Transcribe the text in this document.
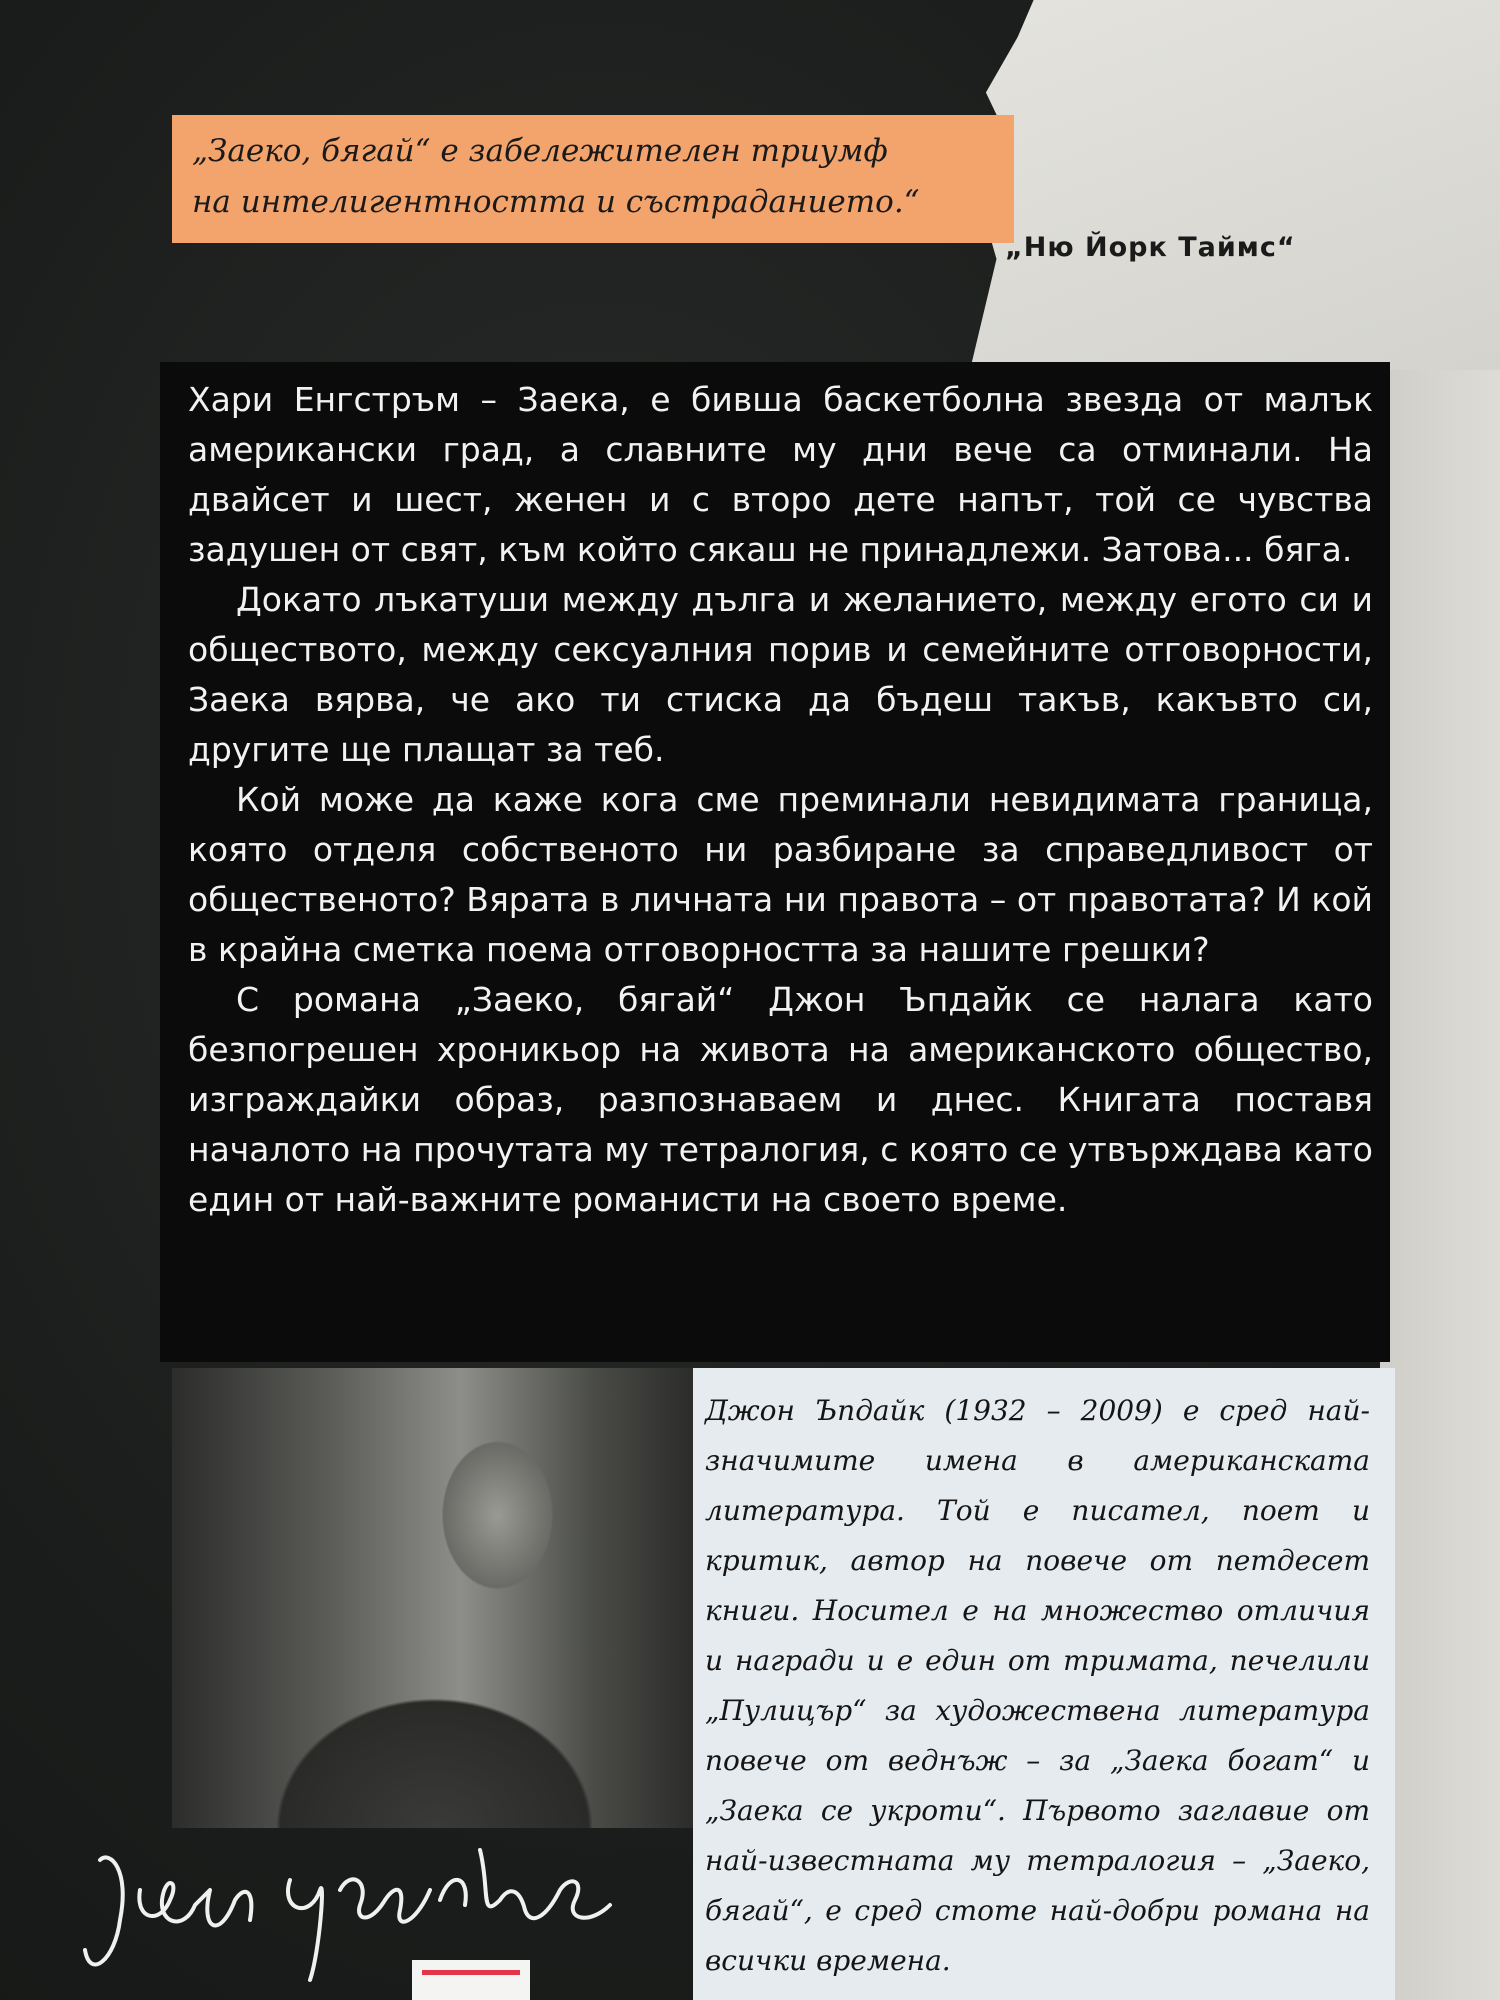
„Заеко, бягай“ е забележителен триумф
на интелигентността и състраданието.“

„Ню Йорк Таймс“

Хари Енгстръм – Заека, е бивша баскетболна звезда от малък американски град, а славните му дни вече са отминали. На двайсет и шест, женен и с второ дете напът, той се чувства задушен от свят, към който сякаш не принадлежи. Затова... бяга.

Докато лъкатуши между дълга и желанието, между егото си и обществото, между сексуалния порив и семейните отговорности, Заека вярва, че ако ти стиска да бъдеш такъв, какъвто си, другите ще плащат за теб.

Кой може да каже кога сме преминали невидимата граница, която отделя собственото ни разбиране за справедливост от общественото? Вярата в личната ни правота – от правотата? И кой в крайна сметка поема отговорността за нашите грешки?

С романа „Заеко, бягай“ Джон Ъпдайк се налага като безпогрешен хроникьор на живота на американското общество, изграждайки образ, разпознаваем и днес. Книгата поставя началото на прочутата му тетралогия, с която се утвърждава като един от най-важните романисти на своето време.

Джон Ъпдайк (1932 – 2009) е сред най-значимите имена в американската литература. Той е писател, поет и критик, автор на повече от петдесет книги. Носител е на множество отличия и награди и е един от тримата, печелили „Пулицър“ за художествена литература повече от веднъж – за „Заека богат“ и „Заека се укроти“. Първото заглавие от най-известната му тетралогия – „Заеко, бягай“, е сред стоте най-добри романа на всички времена.
